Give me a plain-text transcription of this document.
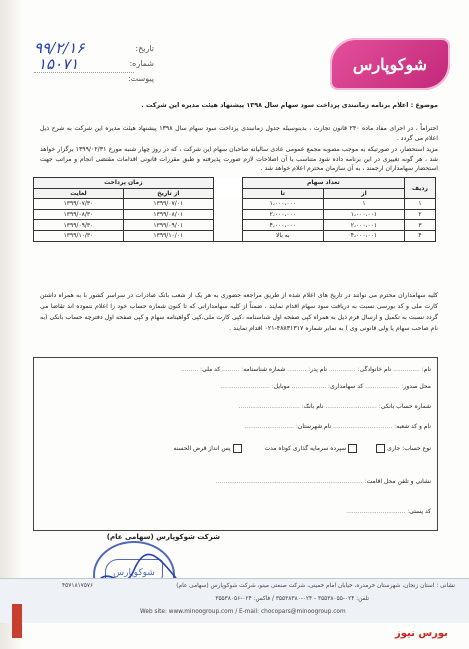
شوکوپارس
تاریخ:
شماره:
پیوست:
۹۹/۲/۱۶
۱۵۰۷۱
موضوع : اعلام برنامه زمانبندی پرداخت سود سهام سال ۱۳۹۸ پیشنهاد هیئت مدیره این شرکت .
احتراماً ، در اجرای مفاد ماده ۲۴۰ قانون تجارت ، بدینوسیله جدول زمانبندی پرداخت سود سهام سال ۱۳۹۸ پیشنهاد هیئت مدیره این شرکت به شرح ذیل اعلام می گردد .
مزید استحضار، در صورتیکه به موجب مصوبه مجمع عمومی عادی سالیانه صاحبان سهام این شرکت ، که در روز چهار شنبه مورخ ۱۳۹۹/۰۲/۳۱ برگزار خواهد شد ، هر گونه تغییری در این برنامه داده شود متناسب با آن اصلاحات لازم صورت پذیرفته و طبق مقررات قانونی اقدامات مقتضی انجام و مراتب جهت استحضار سهامداران ارجمند ، به آن سازمان محترم اعلام خواهد شد .
ردیف	تعداد سهام			زمان پرداخت	
	از	تا		از تاریخ	لغایت
۱	۱	۱،۰۰۰،۰۰۰		۱۳۹۹/۰۷/۰۱	۱۳۹۹/۰۷/۳۰
۲	۱،۰۰۰،۰۰۱	۲،۰۰۰،۰۰۰		۱۳۹۹/۰۸/۰۱	۱۳۹۹/۰۸/۳۰
۳	۲،۰۰۰،۰۰۱	۴،۰۰۰،۰۰۰		۱۳۹۹/۰۹/۰۱	۱۳۹۹/۰۹/۳۰
۴	۴،۰۰۰،۰۰۱	به بالا		۱۳۹۹/۱۰/۰۱	۱۳۹۹/۱۰/۳۰
کلیه سهامداران محترم می توانند در تاریخ های اعلام شده از طریق مراجعه حضوری به هر یک از شعب بانک صادرات در سراسر کشور با به همراه داشتن کارت ملی و کد بورسی نسبت به دریافت سود سهام اقدام نمایند ، ضمناً از کلیه سهامدارانی که تا کنون شماره حساب خود را اعلام ننموده اند تقاضا می گردد نسبت به تکمیل و ارسال فرم ذیل به همراه کپی صفحه اول شناسنامه ،کپی کارت ملی،کپی گواهینامه سهام و کپی صفحه اول دفترچه حساب بانکی (به نام صاحب سهام یا ولی قانونی وی ) به نمابر شماره ۴۸۸۳۱۳۱۷-۰۲۱ اقدام نمایند .
نام: .............. نام خانوادگی: .............. نام پدر: .......... شماره شناسنامه: ......... کد ملی: .........
محل صدور: .................. کد سهامداری: .................. موبایل: ..........................
شماره حساب بانکی: ........................... نام بانک: ................................
نام و کد شعبه: ............................... نام شهرستان: ..........................
نوع حساب: جاری            سپرده سرمایه گذاری کوتاه مدت             پس انداز قرض الحسنه
نشانی و تلفن محل اقامت: .............................................................................
کد پستی: ...............................
شرکت شوکوپارس (سهامی عام)
شوکوپارس
نشانی : استان زنجان، شهرستان خرمدره، خیابان امام خمینی، شرکت صنعتی مینو، شرکت شوکوپارس (سهامی عام)
۴۵۷۱۸۱۷۵۷۶
تلفن: ۰۲۴-۳۵۵۳۸۰۵۵ - ۰۲۴-۳۵۵۳۸۳۸۰ / فاکس: ۰۲۴-۳۵۵۳۸۰۵۶
Web site: www.minoogroup.com / E-mail: chocopars@minoogroup.com
بورس نیوز
